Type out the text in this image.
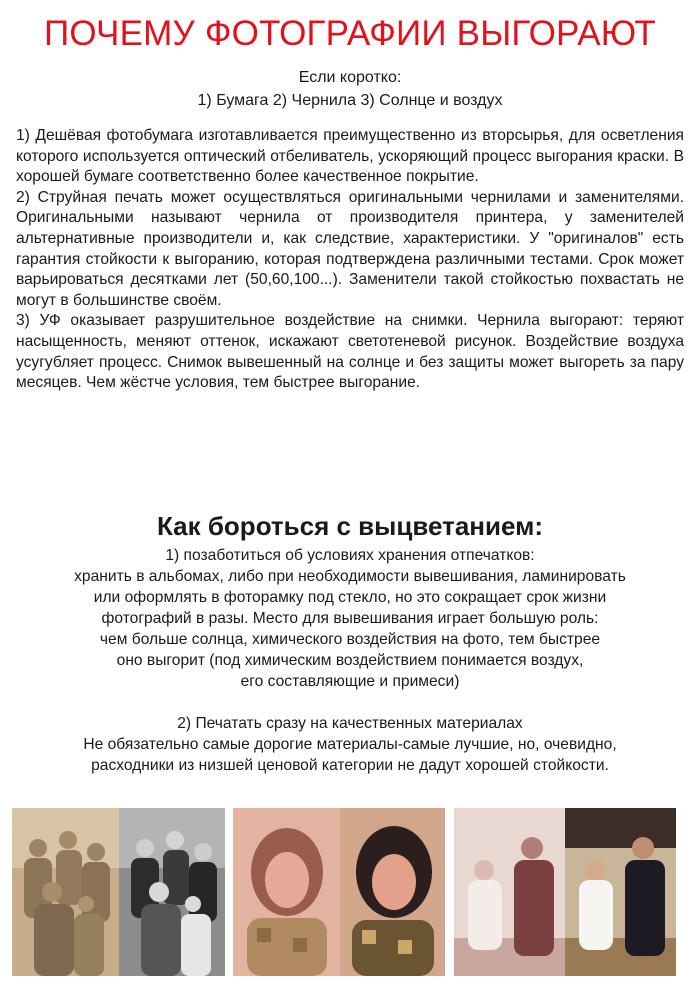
ПОЧЕМУ ФОТОГРАФИИ ВЫГОРАЮТ
Если коротко:
1) Бумага 2) Чернила 3) Солнце и воздух

1) Дешёвая фотобумага изготавливается преимущественно из вторсырья, для осветления которого используется оптический отбеливатель, ускоряющий процесс выгорания краски. В хорошей бумаге соответственно более качественное покрытие.

2) Струйная печать может осуществляться оригинальными чернилами и заменителями. Оригинальными называют чернила от производителя принтера, у заменителей альтернативные производители и, как следствие, характеристики. У "оригиналов" есть гарантия стойкости к выгоранию, которая подтверждена различными тестами. Срок может варьироваться десятками лет (50,60,100...). Заменители такой стойкостью похвастать не могут в большинстве своём.

3) УФ оказывает разрушительное воздействие на снимки. Чернила выгорают: теряют насыщенность, меняют оттенок, искажают светотеневой рисунок. Воздействие воздуха усугубляет процесс. Снимок вывешенный на солнце и без защиты может выгореть за пару месяцев. Чем жёстче условия, тем быстрее выгорание.

Как бороться с выцветанием:

1) позаботиться об условиях хранения отпечатков:

хранить в альбомах, либо при необходимости вывешивания, ламинировать

или оформлять в фоторамку под стекло, но это сокращает срок жизни

фотографий в разы. Место для вывешивания играет большую роль:

чем больше солнца, химического воздействия на фото, тем быстрее

оно выгорит (под химическим воздействием понимается воздух,

его составляющие и примеси)

2) Печатать сразу на качественных материалах

Не обязательно самые дорогие материалы-самые лучшие, но, очевидно,

расходники из низшей ценовой категории не дадут хорошей стойкости.
